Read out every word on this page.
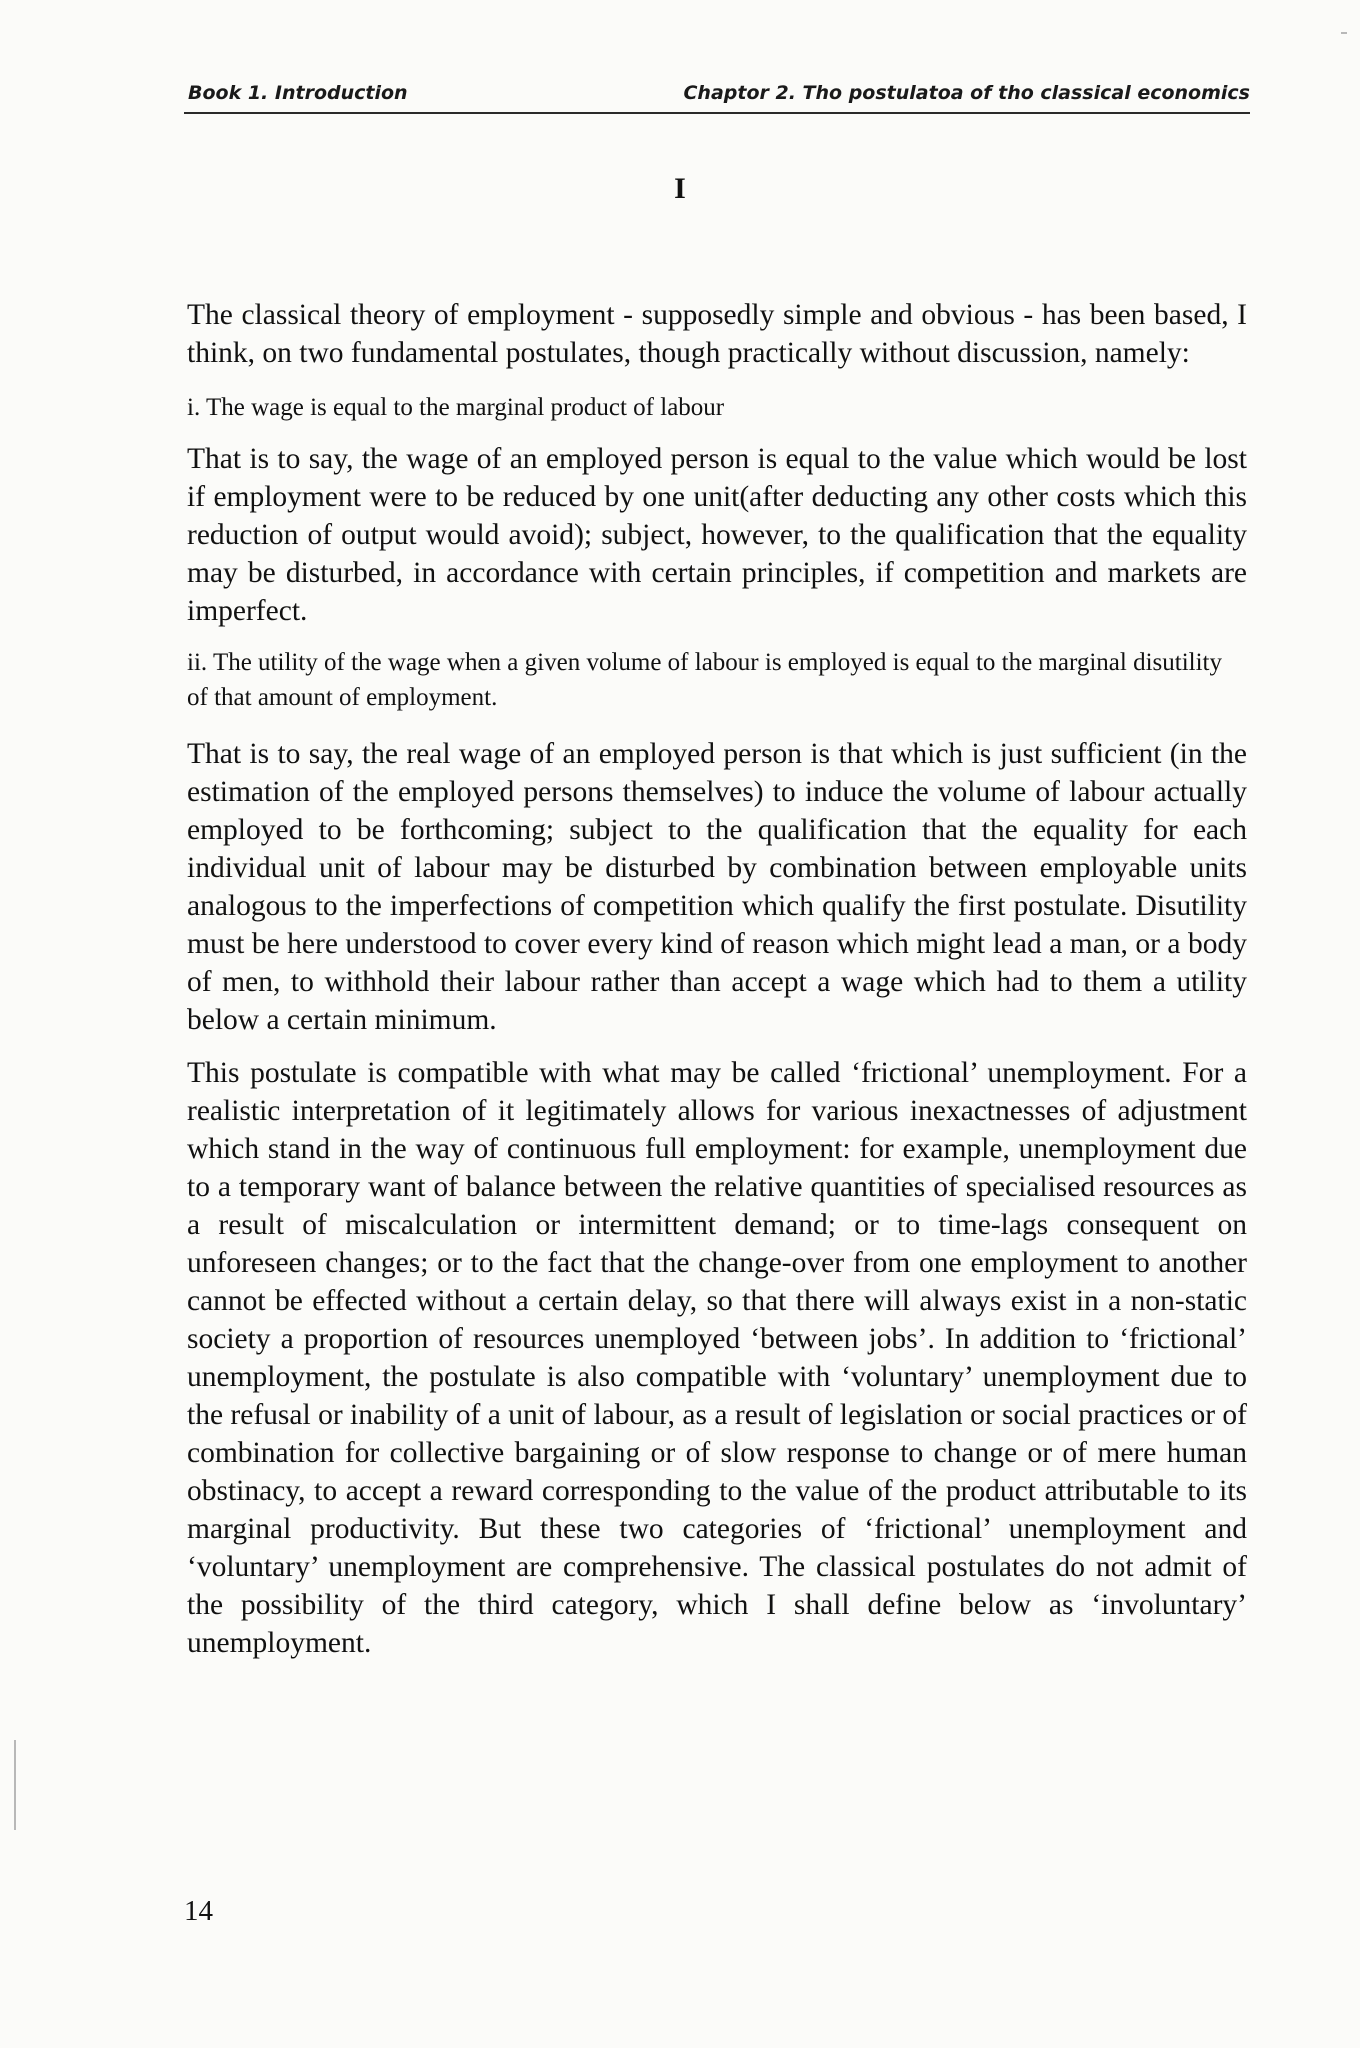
Book 1. Introduction	Chaptor 2. Tho postulatoa of tho classical economics
I

The classical theory of employment - supposedly simple and obvious - has been based, I think, on two fundamental postulates, though practically without discussion, namely:

i. The wage is equal to the marginal product of labour

That is to say, the wage of an employed person is equal to the value which would be lost if employment were to be reduced by one unit(after deducting any other costs which this reduction of output would avoid); subject, however, to the qualification that the equality may be disturbed, in accordance with certain principles, if competition and markets are imperfect.

ii. The utility of the wage when a given volume of labour is employed is equal to the marginal disutility of that amount of employment.

That is to say, the real wage of an employed person is that which is just sufficient (in the estimation of the employed persons themselves) to induce the volume of labour actually employed to be forthcoming; subject to the qualification that the equality for each individual unit of labour may be disturbed by combination between employable units analogous to the imperfections of competition which qualify the first postulate. Disutility must be here understood to cover every kind of reason which might lead a man, or a body of men, to withhold their labour rather than accept a wage which had to them a utility below a certain minimum.

This postulate is compatible with what may be called ‘frictional’ unemployment. For a realistic interpretation of it legitimately allows for various inexactnesses of adjustment which stand in the way of continuous full employment: for example, unemployment due to a temporary want of balance between the relative quantities of specialised resources as a result of miscalculation or intermittent demand; or to time-lags consequent on unforeseen changes; or to the fact that the change-over from one employment to another cannot be effected without a certain delay, so that there will always exist in a non-static society a proportion of resources unemployed ‘between jobs’. In addition to ‘frictional’ unemployment, the postulate is also compatible with ‘voluntary’ unemployment due to the refusal or inability of a unit of labour, as a result of legislation or social practices or of combination for collective bargaining or of slow response to change or of mere human obstinacy, to accept a reward corresponding to the value of the product attributable to its marginal productivity. But these two categories of ‘frictional’ unemployment and ‘voluntary’ unemployment are comprehensive. The classical postulates do not admit of the possibility of the third category, which I shall define below as ‘involuntary’ unemployment.

14
